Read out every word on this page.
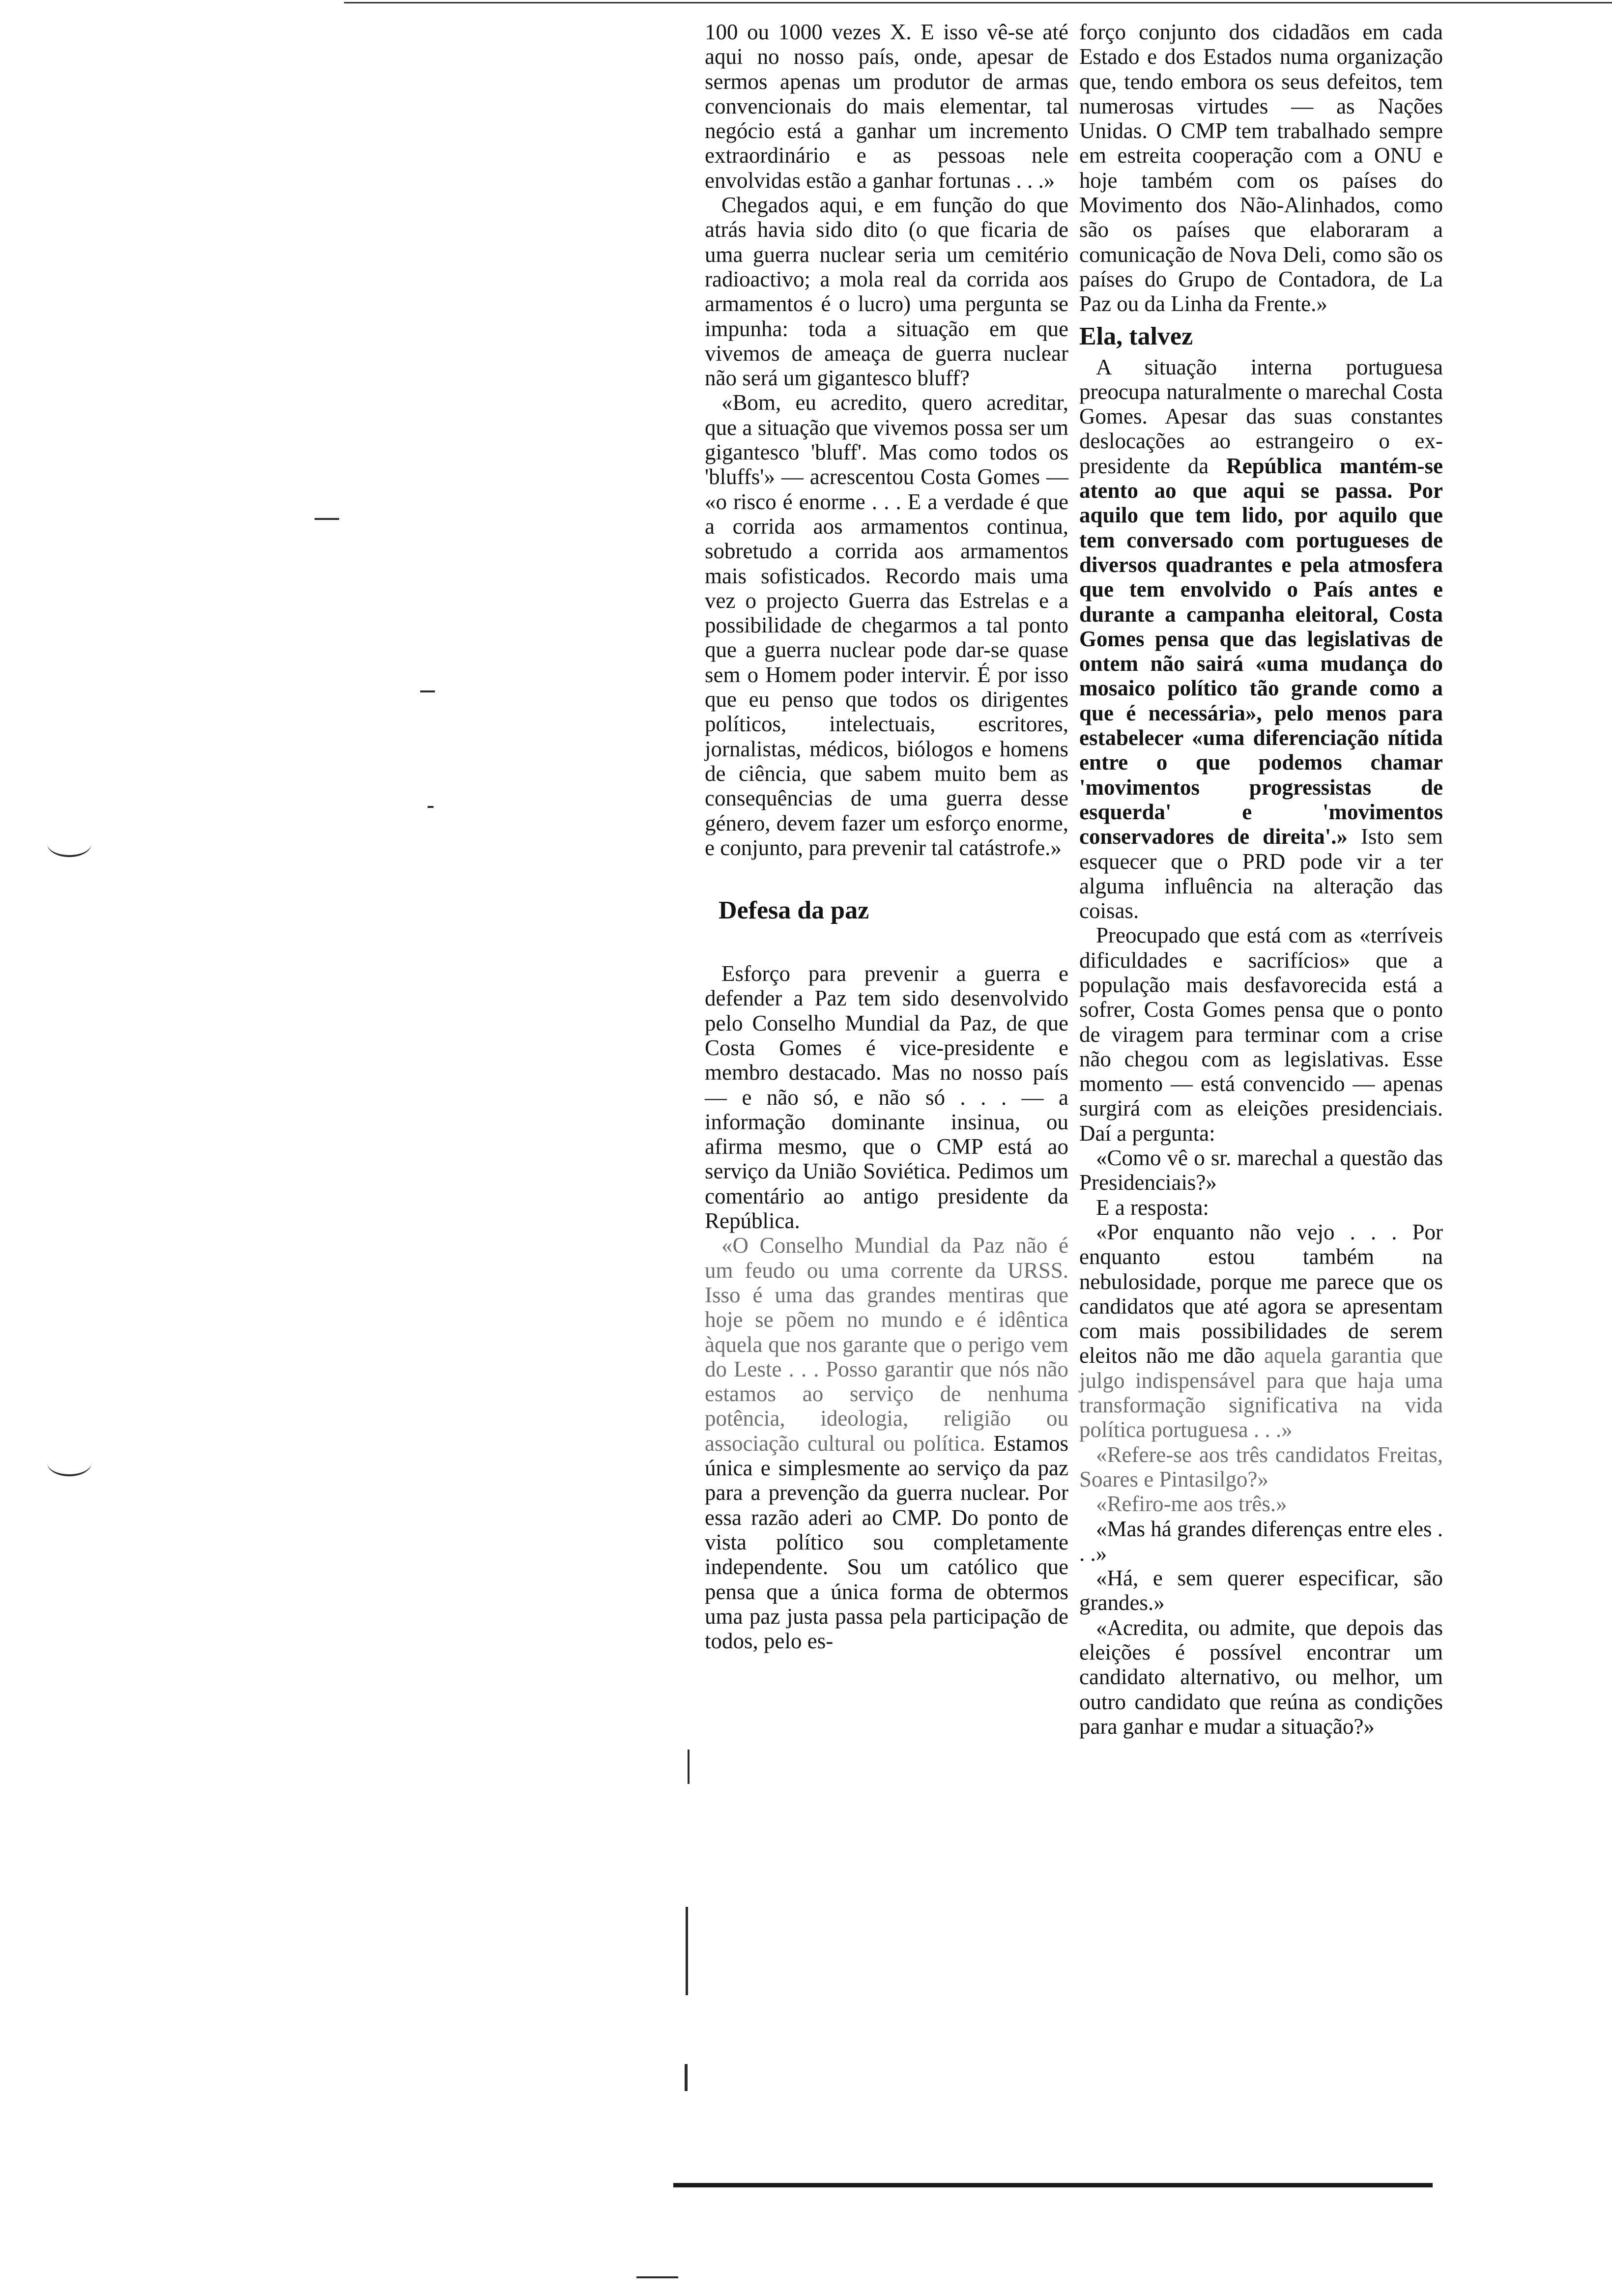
100 ou 1000 vezes X. E isso vê-se até aqui no nosso país, onde, apesar de sermos apenas um produtor de armas convencionais do mais elementar, tal negócio está a ganhar um incremento extraordinário e as pessoas nele envolvidas estão a ganhar fortunas . . .»

Chegados aqui, e em função do que atrás havia sido dito (o que ficaria de uma guerra nuclear seria um cemitério radioactivo; a mola real da corrida aos armamentos é o lucro) uma pergunta se impunha: toda a situação em que vivemos de ameaça de guerra nuclear não será um gigantesco bluff?

«Bom, eu acredito, quero acreditar, que a situação que vivemos possa ser um gigantesco 'bluff'. Mas como todos os 'bluffs'» — acrescentou Costa Gomes — «o risco é enorme . . . E a verdade é que a corrida aos armamentos continua, sobretudo a corrida aos armamentos mais sofisticados. Recordo mais uma vez o projecto Guerra das Estrelas e a possibilidade de chegarmos a tal ponto que a guerra nuclear pode dar-se quase sem o Homem poder intervir. É por isso que eu penso que todos os dirigentes políticos, intelectuais, escritores, jornalistas, médicos, biólogos e homens de ciência, que sabem muito bem as consequências de uma guerra desse género, devem fazer um esforço enorme, e conjunto, para prevenir tal catástrofe.»

Defesa da paz

Esforço para prevenir a guerra e defender a Paz tem sido desenvolvido pelo Conselho Mundial da Paz, de que Costa Gomes é vice-presidente e membro destacado. Mas no nosso país — e não só, e não só . . . — a informação dominante insinua, ou afirma mesmo, que o CMP está ao serviço da União Soviética. Pedimos um comentário ao antigo presidente da República.

«O Conselho Mundial da Paz não é um feudo ou uma corrente da URSS. Isso é uma das grandes mentiras que hoje se põem no mundo e é idêntica àquela que nos garante que o perigo vem do Leste . . . Posso garantir que nós não estamos ao serviço de nenhuma potência, ideologia, religião ou associação cultural ou política. Estamos única e simplesmente ao serviço da paz para a prevenção da guerra nuclear. Por essa razão aderi ao CMP. Do ponto de vista político sou completamente independente. Sou um católico que pensa que a única forma de obtermos uma paz justa passa pela participação de todos, pelo es-

forço conjunto dos cidadãos em cada Estado e dos Estados numa organização que, tendo embora os seus defeitos, tem numerosas virtudes — as Nações Unidas. O CMP tem trabalhado sempre em estreita cooperação com a ONU e hoje também com os países do Movimento dos Não-Alinhados, como são os países que elaboraram a comunicação de Nova Deli, como são os países do Grupo de Contadora, de La Paz ou da Linha da Frente.»

Ela, talvez

A situação interna portuguesa preocupa naturalmente o marechal Costa Gomes. Apesar das suas constantes deslocações ao estrangeiro o ex-presidente da República mantém-se atento ao que aqui se passa. Por aquilo que tem lido, por aquilo que tem conversado com portugueses de diversos quadrantes e pela atmosfera que tem envolvido o País antes e durante a campanha eleitoral, Costa Gomes pensa que das legislativas de ontem não sairá «uma mudança do mosaico político tão grande como a que é necessária», pelo menos para estabelecer «uma diferenciação nítida entre o que podemos chamar 'movimentos progressistas de esquerda' e 'movimentos conservadores de direita'.» Isto sem esquecer que o PRD pode vir a ter alguma influência na alteração das coisas.

Preocupado que está com as «terríveis dificuldades e sacrifícios» que a população mais desfavorecida está a sofrer, Costa Gomes pensa que o ponto de viragem para terminar com a crise não chegou com as legislativas. Esse momento — está convencido — apenas surgirá com as eleições presidenciais. Daí a pergunta:

«Como vê o sr. marechal a questão das Presidenciais?»

E a resposta:

«Por enquanto não vejo . . . Por enquanto estou também na nebulosidade, porque me parece que os candidatos que até agora se apresentam com mais possibilidades de serem eleitos não me dão aquela garantia que julgo indispensável para que haja uma transformação significativa na vida política portuguesa . . .»

«Refere-se aos três candidatos Freitas, Soares e Pintasilgo?»

«Refiro-me aos três.»

«Mas há grandes diferenças entre eles . . .»

«Há, e sem querer especificar, são grandes.»

«Acredita, ou admite, que depois das eleições é possível encontrar um candidato alternativo, ou melhor, um outro candidato que reúna as condições para ganhar e mudar a situação?»
